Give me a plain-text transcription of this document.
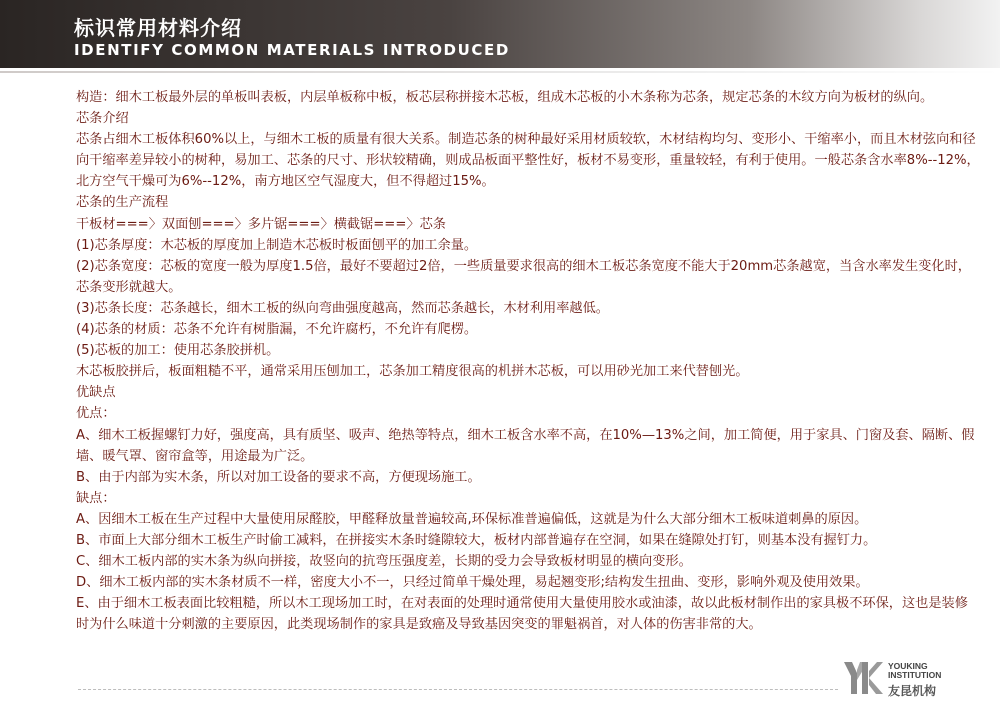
标识常用材料介绍
IDENTIFY COMMON MATERIALS INTRODUCED

构造：细木工板最外层的单板叫表板，内层单板称中板，板芯层称拼接木芯板，组成木芯板的小木条称为芯条，规定芯条的木纹方向为板材的纵向。

芯条介绍

芯条占细木工板体积60%以上，与细木工板的质量有很大关系。制造芯条的树种最好采用材质较软，木材结构均匀、变形小、干缩率小，而且木材弦向和径向干缩率差异较小的树种，易加工、芯条的尺寸、形状较精确，则成品板面平整性好，板材不易变形，重量较轻，有利于使用。一般芯条含水率8%--12%，北方空气干燥可为6%--12%，南方地区空气湿度大，但不得超过15%。

芯条的生产流程

干板材===〉双面刨===〉多片锯===〉横截锯===〉芯条

(1)芯条厚度：木芯板的厚度加上制造木芯板时板面刨平的加工余量。

(2)芯条宽度：芯板的宽度一般为厚度1.5倍，最好不要超过2倍，一些质量要求很高的细木工板芯条宽度不能大于20mm芯条越宽，当含水率发生变化时，芯条变形就越大。

(3)芯条长度：芯条越长，细木工板的纵向弯曲强度越高，然而芯条越长，木材利用率越低。

(4)芯条的材质：芯条不允许有树脂漏，不允许腐朽，不允许有爬楞。

(5)芯板的加工：使用芯条胶拼机。

木芯板胶拼后，板面粗糙不平，通常采用压刨加工，芯条加工精度很高的机拼木芯板，可以用砂光加工来代替刨光。

优缺点

优点：

A、细木工板握螺钉力好，强度高，具有质坚、吸声、绝热等特点，细木工板含水率不高，在10%—13%之间，加工简便，用于家具、门窗及套、隔断、假墙、暖气罩、窗帘盒等，用途最为广泛。

B、由于内部为实木条，所以对加工设备的要求不高，方便现场施工。

缺点：

A、因细木工板在生产过程中大量使用尿醛胶，甲醛释放量普遍较高,环保标准普遍偏低，这就是为什么大部分细木工板味道刺鼻的原因。

B、市面上大部分细木工板生产时偷工减料，在拼接实木条时缝隙较大，板材内部普遍存在空洞，如果在缝隙处打钉，则基本没有握钉力。

C、细木工板内部的实木条为纵向拼接，故竖向的抗弯压强度差，长期的受力会导致板材明显的横向变形。

D、细木工板内部的实木条材质不一样，密度大小不一，只经过简单干燥处理，易起翘变形;结构发生扭曲、变形，影响外观及使用效果。

E、由于细木工板表面比较粗糙，所以木工现场加工时，在对表面的处理时通常使用大量使用胶水或油漆，故以此板材制作出的家具极不环保，这也是装修时为什么味道十分刺激的主要原因，此类现场制作的家具是致癌及导致基因突变的罪魁祸首，对人体的伤害非常的大。

YOUKING
INSTITUTION
友昆机构
